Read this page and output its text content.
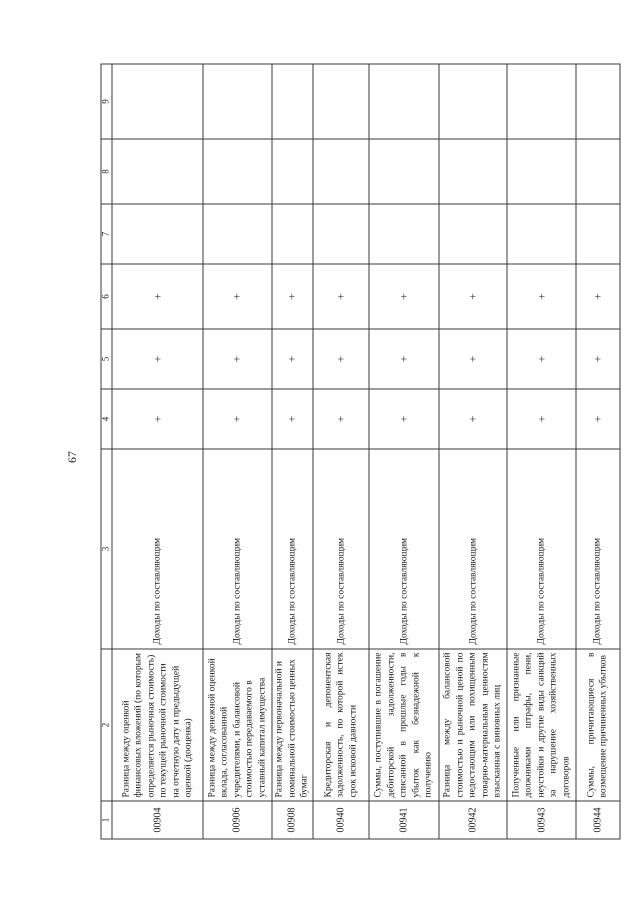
67
1	2	3	4	5	6	7	8	9
00904	Разница между оценкой финансовых вложений (по которым определяется рыночная стоимость) по текущей рыночной стоимости на отчетную дату и предыдущей оценкой (дооценка)	Доходы по составляющим	+	+	+			
00906	Разница между денежной оценкой вклада, согласованной учредителями, и балансовой стоимостью передаваемого в уставный капитал имущества	Доходы по составляющим	+	+	+			
00908	Разница между первоначальной и номинальной стоимостью ценных бумаг	Доходы по составляющим	+	+	+			
00940	Кредиторская и депонентская задолженность, по которой истек срок исковой давности	Доходы по составляющим	+	+	+			
00941	Суммы, поступившие в погашение дебиторской задолженности, списанной в прошлые годы в убыток как безнадежной к получению	Доходы по составляющим	+	+	+			
00942	Разница между балансовой стоимостью и рыночной ценой по недостающим или похищенным товарно-материальным ценностям взысканная с виновных лиц	Доходы по составляющим	+	+	+			
00943	Полученные или признанные должниками штрафы, пени, неустойки и другие виды санкций за нарушение хозяйственных договоров	Доходы по составляющим	+	+	+			
00944	Суммы, причитающиеся в возмещение причиненных убытков	Доходы по составляющим	+	+	+			
